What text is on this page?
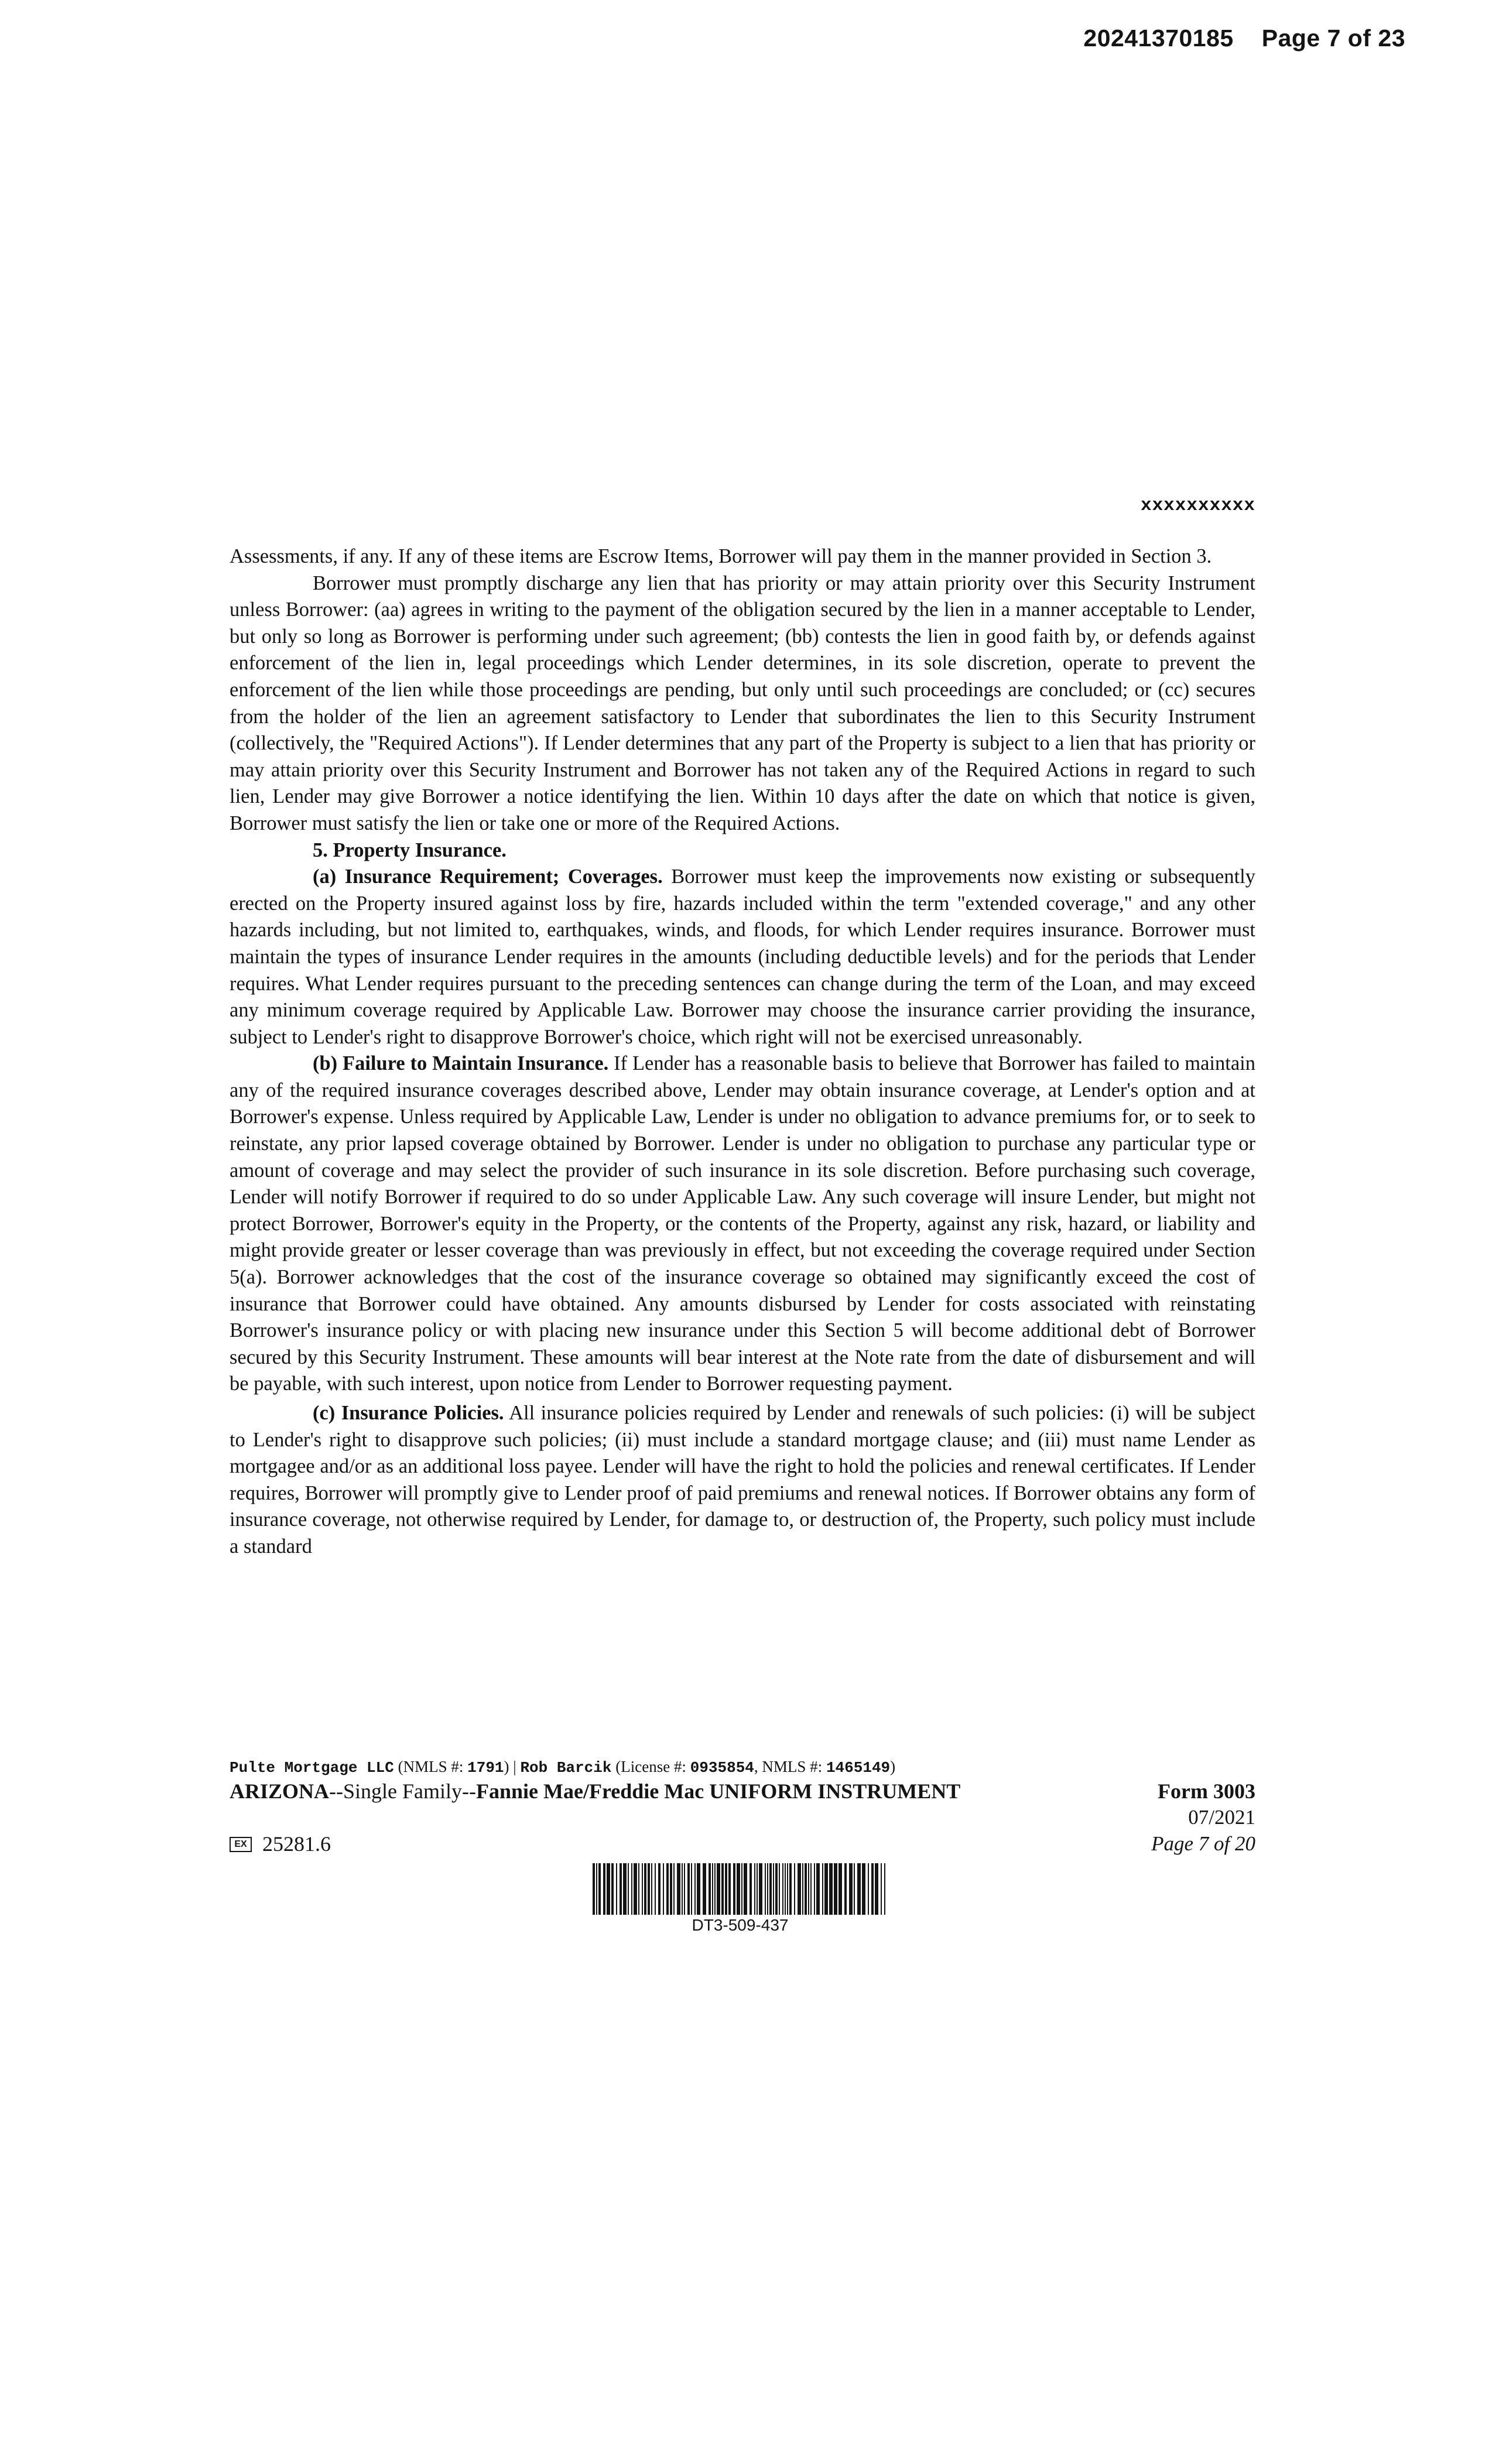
20241370185 Page 7 of 23
xxxxxxxxxx

Assessments, if any. If any of these items are Escrow Items, Borrower will pay them in the manner provided in Section 3.

Borrower must promptly discharge any lien that has priority or may attain priority over this Security Instrument unless Borrower: (aa) agrees in writing to the payment of the obligation secured by the lien in a manner acceptable to Lender, but only so long as Borrower is performing under such agreement; (bb) contests the lien in good faith by, or defends against enforcement of the lien in, legal proceedings which Lender determines, in its sole discretion, operate to prevent the enforcement of the lien while those proceedings are pending, but only until such proceedings are concluded; or (cc) secures from the holder of the lien an agreement satisfactory to Lender that subordinates the lien to this Security Instrument (collectively, the "Required Actions"). If Lender determines that any part of the Property is subject to a lien that has priority or may attain priority over this Security Instrument and Borrower has not taken any of the Required Actions in regard to such lien, Lender may give Borrower a notice identifying the lien. Within 10 days after the date on which that notice is given, Borrower must satisfy the lien or take one or more of the Required Actions.

5. Property Insurance.

(a) Insurance Requirement; Coverages. Borrower must keep the improvements now existing or subsequently erected on the Property insured against loss by fire, hazards included within the term "extended coverage," and any other hazards including, but not limited to, earthquakes, winds, and floods, for which Lender requires insurance. Borrower must maintain the types of insurance Lender requires in the amounts (including deductible levels) and for the periods that Lender requires. What Lender requires pursuant to the preceding sentences can change during the term of the Loan, and may exceed any minimum coverage required by Applicable Law. Borrower may choose the insurance carrier providing the insurance, subject to Lender's right to disapprove Borrower's choice, which right will not be exercised unreasonably.

(b) Failure to Maintain Insurance. If Lender has a reasonable basis to believe that Borrower has failed to maintain any of the required insurance coverages described above, Lender may obtain insurance coverage, at Lender's option and at Borrower's expense. Unless required by Applicable Law, Lender is under no obligation to advance premiums for, or to seek to reinstate, any prior lapsed coverage obtained by Borrower. Lender is under no obligation to purchase any particular type or amount of coverage and may select the provider of such insurance in its sole discretion. Before purchasing such coverage, Lender will notify Borrower if required to do so under Applicable Law. Any such coverage will insure Lender, but might not protect Borrower, Borrower's equity in the Property, or the contents of the Property, against any risk, hazard, or liability and might provide greater or lesser coverage than was previously in effect, but not exceeding the coverage required under Section 5(a). Borrower acknowledges that the cost of the insurance coverage so obtained may significantly exceed the cost of insurance that Borrower could have obtained. Any amounts disbursed by Lender for costs associated with reinstating Borrower's insurance policy or with placing new insurance under this Section 5 will become additional debt of Borrower secured by this Security Instrument. These amounts will bear interest at the Note rate from the date of disbursement and will be payable, with such interest, upon notice from Lender to Borrower requesting payment.

(c) Insurance Policies. All insurance policies required by Lender and renewals of such policies: (i) will be subject to Lender's right to disapprove such policies; (ii) must include a standard mortgage clause; and (iii) must name Lender as mortgagee and/or as an additional loss payee. Lender will have the right to hold the policies and renewal certificates. If Lender requires, Borrower will promptly give to Lender proof of paid premiums and renewal notices. If Borrower obtains any form of insurance coverage, not otherwise required by Lender, for damage to, or destruction of, the Property, such policy must include a standard

Pulte Mortgage LLC (NMLS #: 1791) | Rob Barcik (License #: 0935854, NMLS #: 1465149)
ARIZONA--Single Family--Fannie Mae/Freddie Mac UNIFORM INSTRUMENT	Form 3003
07/2021
EX 25281.6	Page 7 of 20
DT3-509-437
